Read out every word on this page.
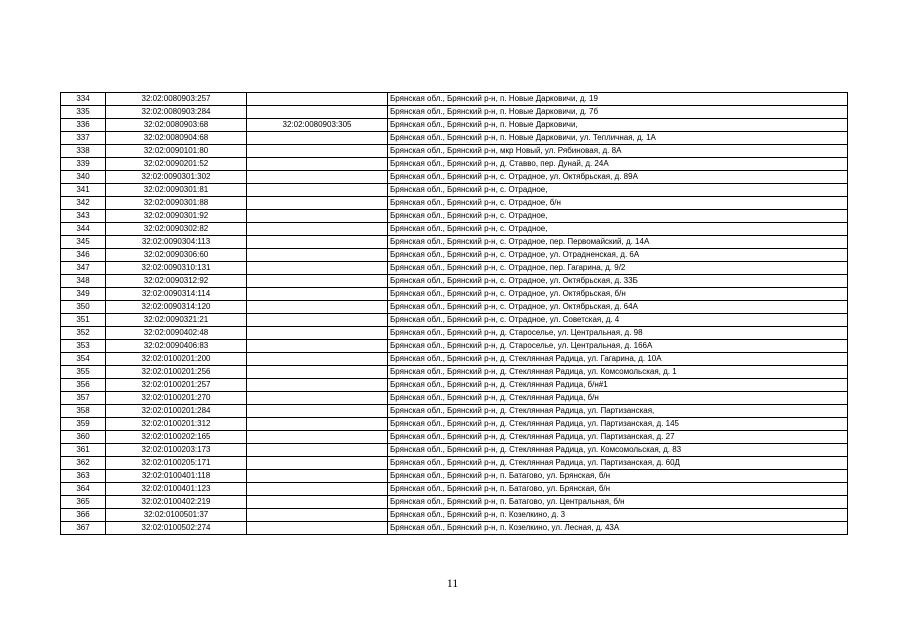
334	32:02:0080903:257		Брянская обл., Брянский р-н, п. Новые Дарковичи, д. 19
335	32:02:0080903:284		Брянская обл., Брянский р-н, п. Новые Дарковичи, д. 7б
336	32:02:0080903:68	32:02:0080903:305	Брянская обл., Брянский р-н, п. Новые Дарковичи,
337	32:02:0080904:68		Брянская обл., Брянский р-н, п. Новые Дарковичи, ул. Тепличная, д. 1А
338	32:02:0090101:80		Брянская обл., Брянский р-н, мкр Новый, ул. Рябиновая, д. 8А
339	32:02:0090201:52		Брянская обл., Брянский р-н, д. Ставво, пер. Дунай, д. 24А
340	32:02:0090301:302		Брянская обл., Брянский р-н, с. Отрадное, ул. Октябрьская, д. 89А
341	32:02:0090301:81		Брянская обл., Брянский р-н, с. Отрадное,
342	32:02:0090301:88		Брянская обл., Брянский р-н, с. Отрадное, б/н
343	32:02:0090301:92		Брянская обл., Брянский р-н, с. Отрадное,
344	32:02:0090302:82		Брянская обл., Брянский р-н, с. Отрадное,
345	32:02:0090304:113		Брянская обл., Брянский р-н, с. Отрадное, пер. Первомайский, д. 14А
346	32:02:0090306:60		Брянская обл., Брянский р-н, с. Отрадное, ул. Отрадненская, д. 6А
347	32:02:0090310:131		Брянская обл., Брянский р-н, с. Отрадное, пер. Гагарина, д. 9/2
348	32:02:0090312:92		Брянская обл., Брянский р-н, с. Отрадное, ул. Октябрьская, д. 33Б
349	32:02:0090314:114		Брянская обл., Брянский р-н, с. Отрадное, ул. Октябрьская, б/н
350	32:02:0090314:120		Брянская обл., Брянский р-н, с. Отрадное, ул. Октябрьская, д. 64А
351	32:02:0090321:21		Брянская обл., Брянский р-н, с. Отрадное, ул. Советская, д. 4
352	32:02:0090402:48		Брянская обл., Брянский р-н, д. Староселье, ул. Центральная, д. 98
353	32:02:0090406:83		Брянская обл., Брянский р-н, д. Староселье, ул. Центральная, д. 166А
354	32:02:0100201:200		Брянская обл., Брянский р-н, д. Стеклянная Радица, ул. Гагарина, д. 10А
355	32:02:0100201:256		Брянская обл., Брянский р-н, д. Стеклянная Радица, ул. Комсомольская, д. 1
356	32:02:0100201:257		Брянская обл., Брянский р-н, д. Стеклянная Радица, б/н#1
357	32:02:0100201:270		Брянская обл., Брянский р-н, д. Стеклянная Радица, б/н
358	32:02:0100201:284		Брянская обл., Брянский р-н, д. Стеклянная Радица, ул. Партизанская,
359	32:02:0100201:312		Брянская обл., Брянский р-н, д. Стеклянная Радица, ул. Партизанская, д. 145
360	32:02:0100202:165		Брянская обл., Брянский р-н, д. Стеклянная Радица, ул. Партизанская, д. 27
361	32:02:0100203:173		Брянская обл., Брянский р-н, д. Стеклянная Радица, ул. Комсомольская, д. 83
362	32:02:0100205:171		Брянская обл., Брянский р-н, д. Стеклянная Радица, ул. Партизанская, д. 60Д
363	32:02:0100401:118		Брянская обл., Брянский р-н, п. Батагово, ул. Брянская, б/н
364	32:02:0100401:123		Брянская обл., Брянский р-н, п. Батагово, ул. Брянская, б/н
365	32:02:0100402:219		Брянская обл., Брянский р-н, п. Батагово, ул. Центральная, б/н
366	32:02:0100501:37		Брянская обл., Брянский р-н, п. Козелкино, д. 3
367	32:02:0100502:274		Брянская обл., Брянский р-н, п. Козелкино, ул. Лесная, д. 43А
11
